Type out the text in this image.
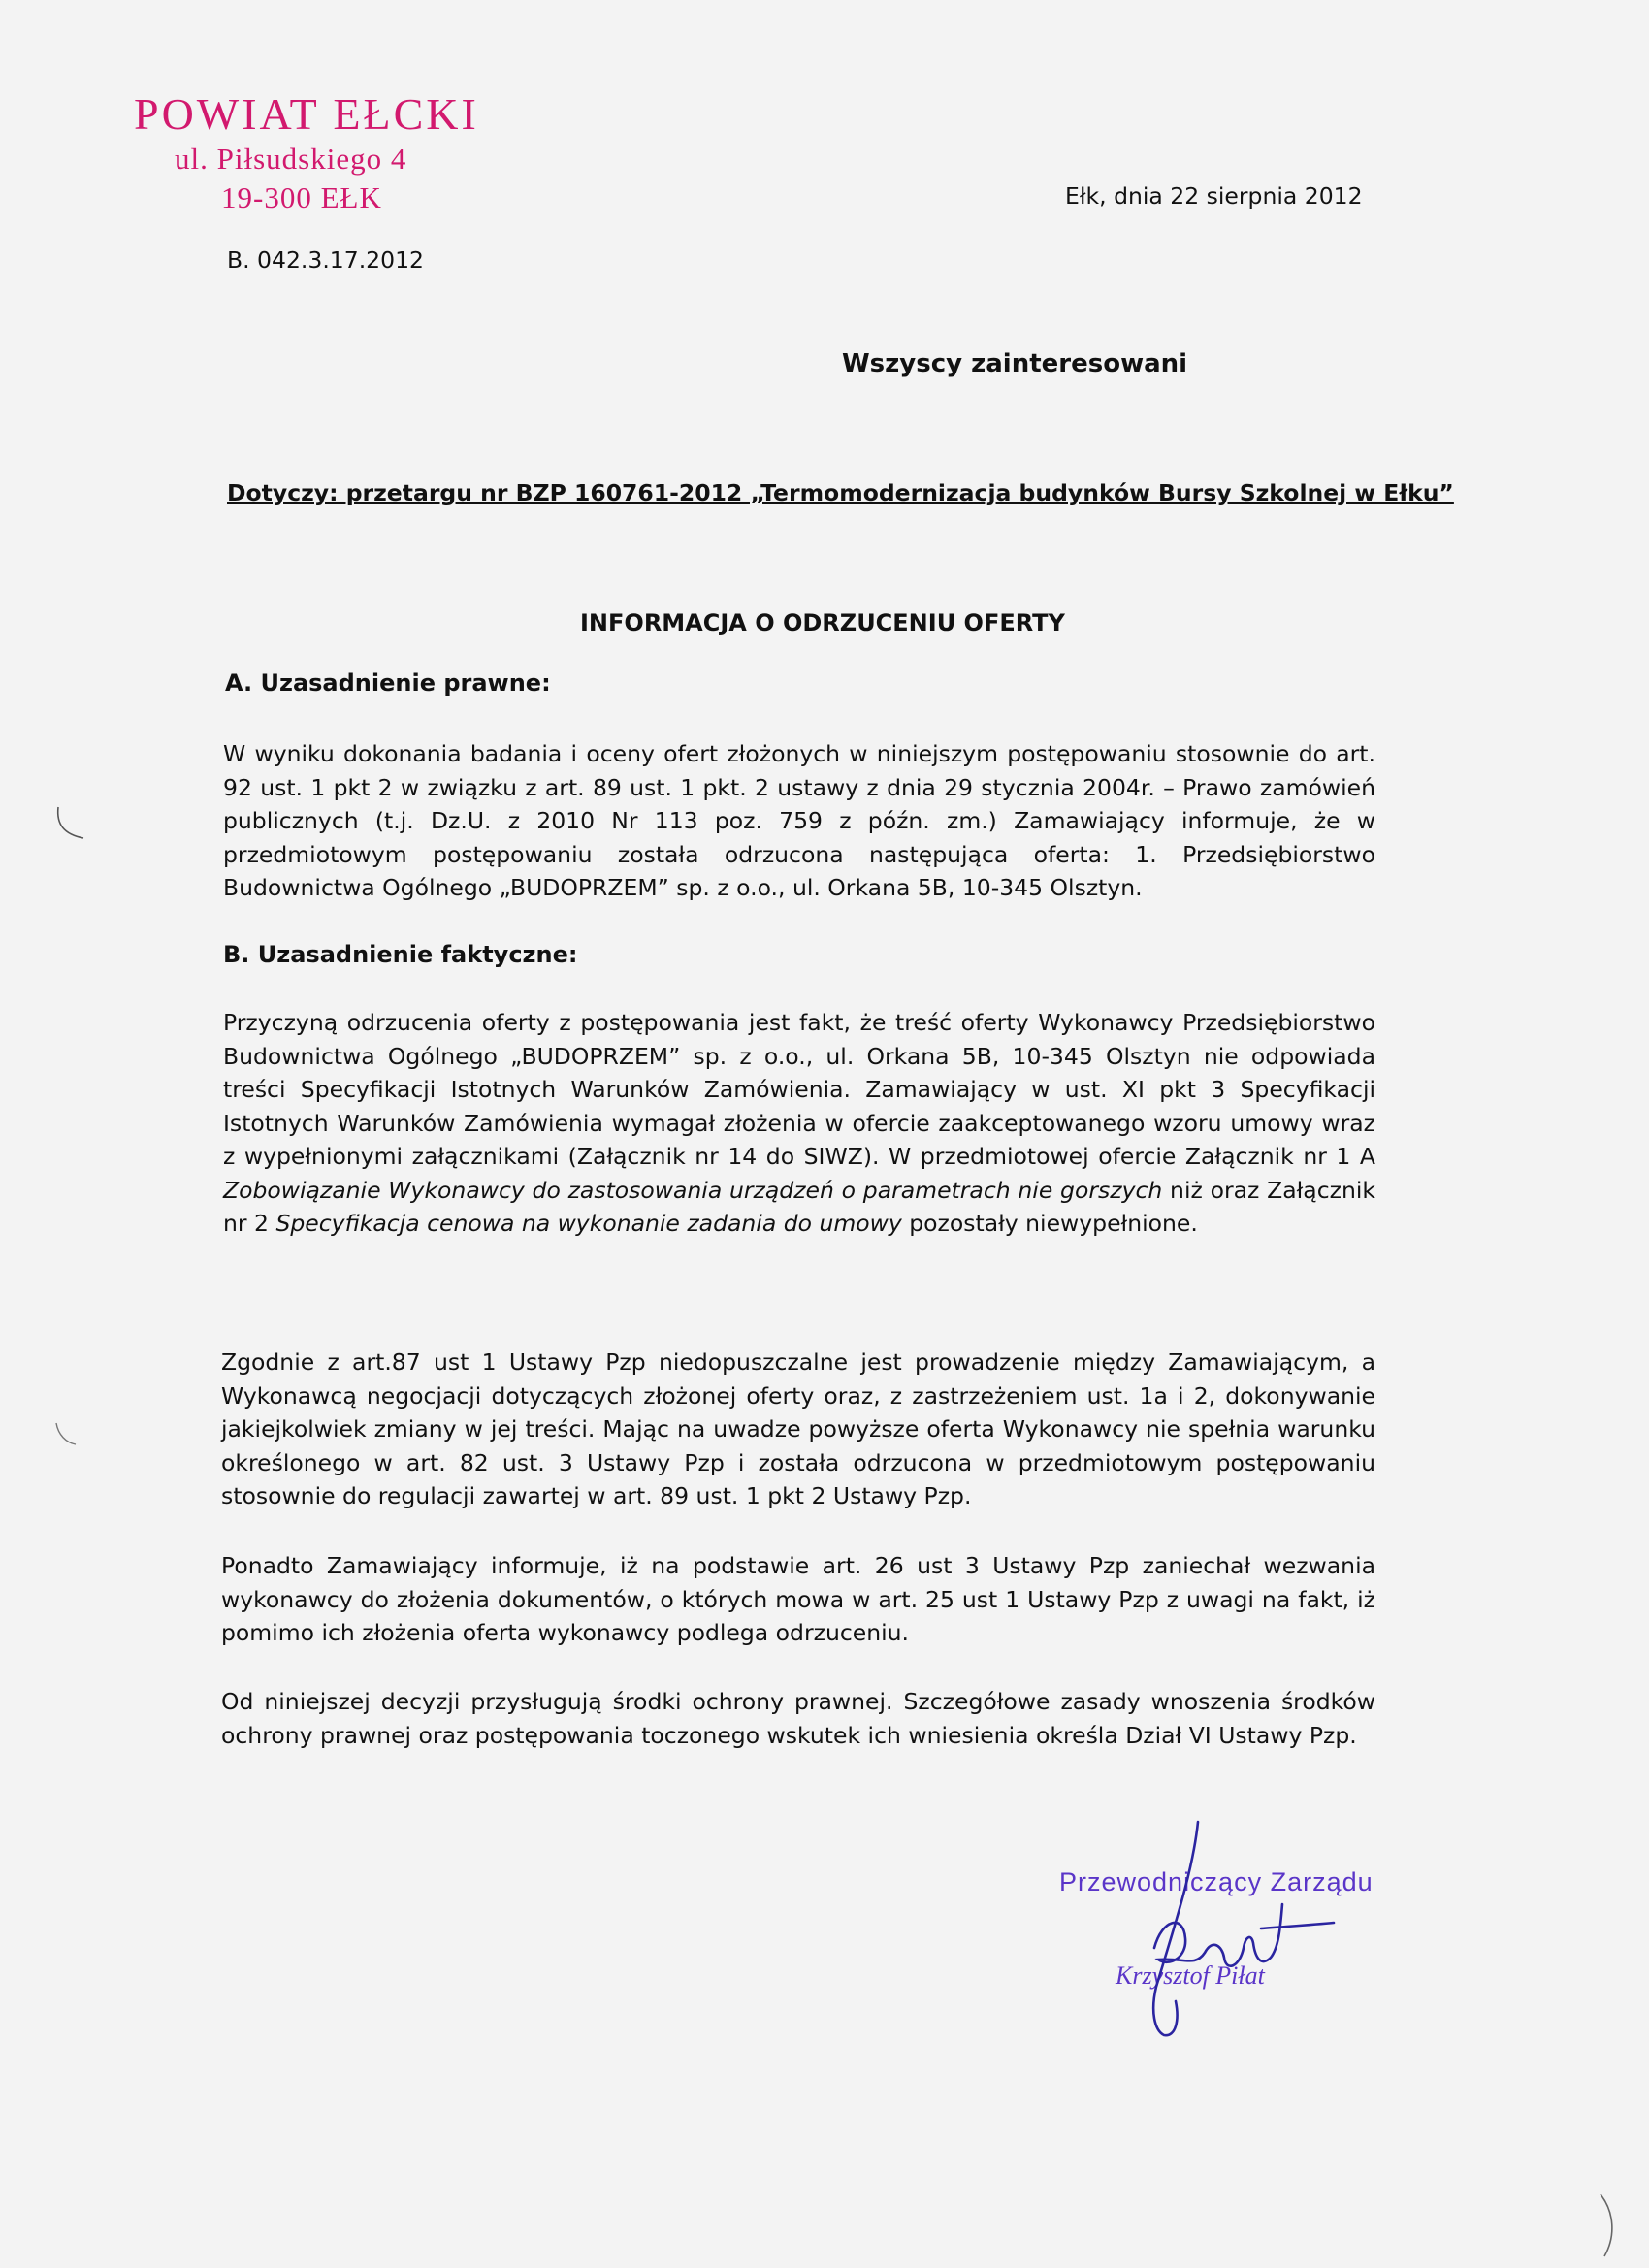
POWIAT EŁCKI
ul. Piłsudskiego 4
19-300 EŁK	Ełk, dnia 22 sierpnia 2012
B. 042.3.17.2012
Wszyscy zainteresowani
Dotyczy: przetargu nr BZP 160761-2012 „Termomodernizacja budynków Bursy Szkolnej w Ełku”
INFORMACJA O ODRZUCENIU OFERTY
A. Uzasadnienie prawne:
W wyniku dokonania badania i oceny ofert złożonych w niniejszym postępowaniu stosownie do art. 92 ust. 1 pkt 2 w związku z art. 89 ust. 1 pkt. 2 ustawy z dnia 29 stycznia 2004r. – Prawo zamówień publicznych (t.j. Dz.U. z 2010 Nr 113 poz. 759 z późn. zm.) Zamawiający informuje, że w przedmiotowym postępowaniu została odrzucona następująca oferta: 1. Przedsiębiorstwo Budownictwa Ogólnego „BUDOPRZEM” sp. z o.o., ul. Orkana 5B, 10-345 Olsztyn.
B. Uzasadnienie faktyczne:
Przyczyną odrzucenia oferty z postępowania jest fakt, że treść oferty Wykonawcy Przedsiębiorstwo Budownictwa Ogólnego „BUDOPRZEM” sp. z o.o., ul. Orkana 5B, 10-345 Olsztyn nie odpowiada treści Specyfikacji Istotnych Warunków Zamówienia. Zamawiający w ust. XI pkt 3 Specyfikacji Istotnych Warunków Zamówienia wymagał złożenia w ofercie zaakceptowanego wzoru umowy wraz z wypełnionymi załącznikami (Załącznik nr 14 do SIWZ). W przedmiotowej ofercie Załącznik nr 1 A Zobowiązanie Wykonawcy do zastosowania urządzeń o parametrach nie gorszych niż oraz Załącznik nr 2 Specyfikacja cenowa na wykonanie zadania do umowy pozostały niewypełnione.
Zgodnie z art.87 ust 1 Ustawy Pzp niedopuszczalne jest prowadzenie między Zamawiającym, a Wykonawcą negocjacji dotyczących złożonej oferty oraz, z zastrzeżeniem ust. 1a i 2, dokonywanie jakiejkolwiek zmiany w jej treści. Mając na uwadze powyższe oferta Wykonawcy nie spełnia warunku określonego w art. 82 ust. 3 Ustawy Pzp i została odrzucona w przedmiotowym postępowaniu stosownie do regulacji zawartej w art. 89 ust. 1 pkt 2 Ustawy Pzp.
Ponadto Zamawiający informuje, iż na podstawie art. 26 ust 3 Ustawy Pzp zaniechał wezwania wykonawcy do złożenia dokumentów, o których mowa w art. 25 ust 1 Ustawy Pzp z uwagi na fakt, iż pomimo ich złożenia oferta wykonawcy podlega odrzuceniu.
Od niniejszej decyzji przysługują środki ochrony prawnej. Szczegółowe zasady wnoszenia środków ochrony prawnej oraz postępowania toczonego wskutek ich wniesienia określa Dział VI Ustawy Pzp.
Przewodniczący Zarządu
Krzysztof Piłat
